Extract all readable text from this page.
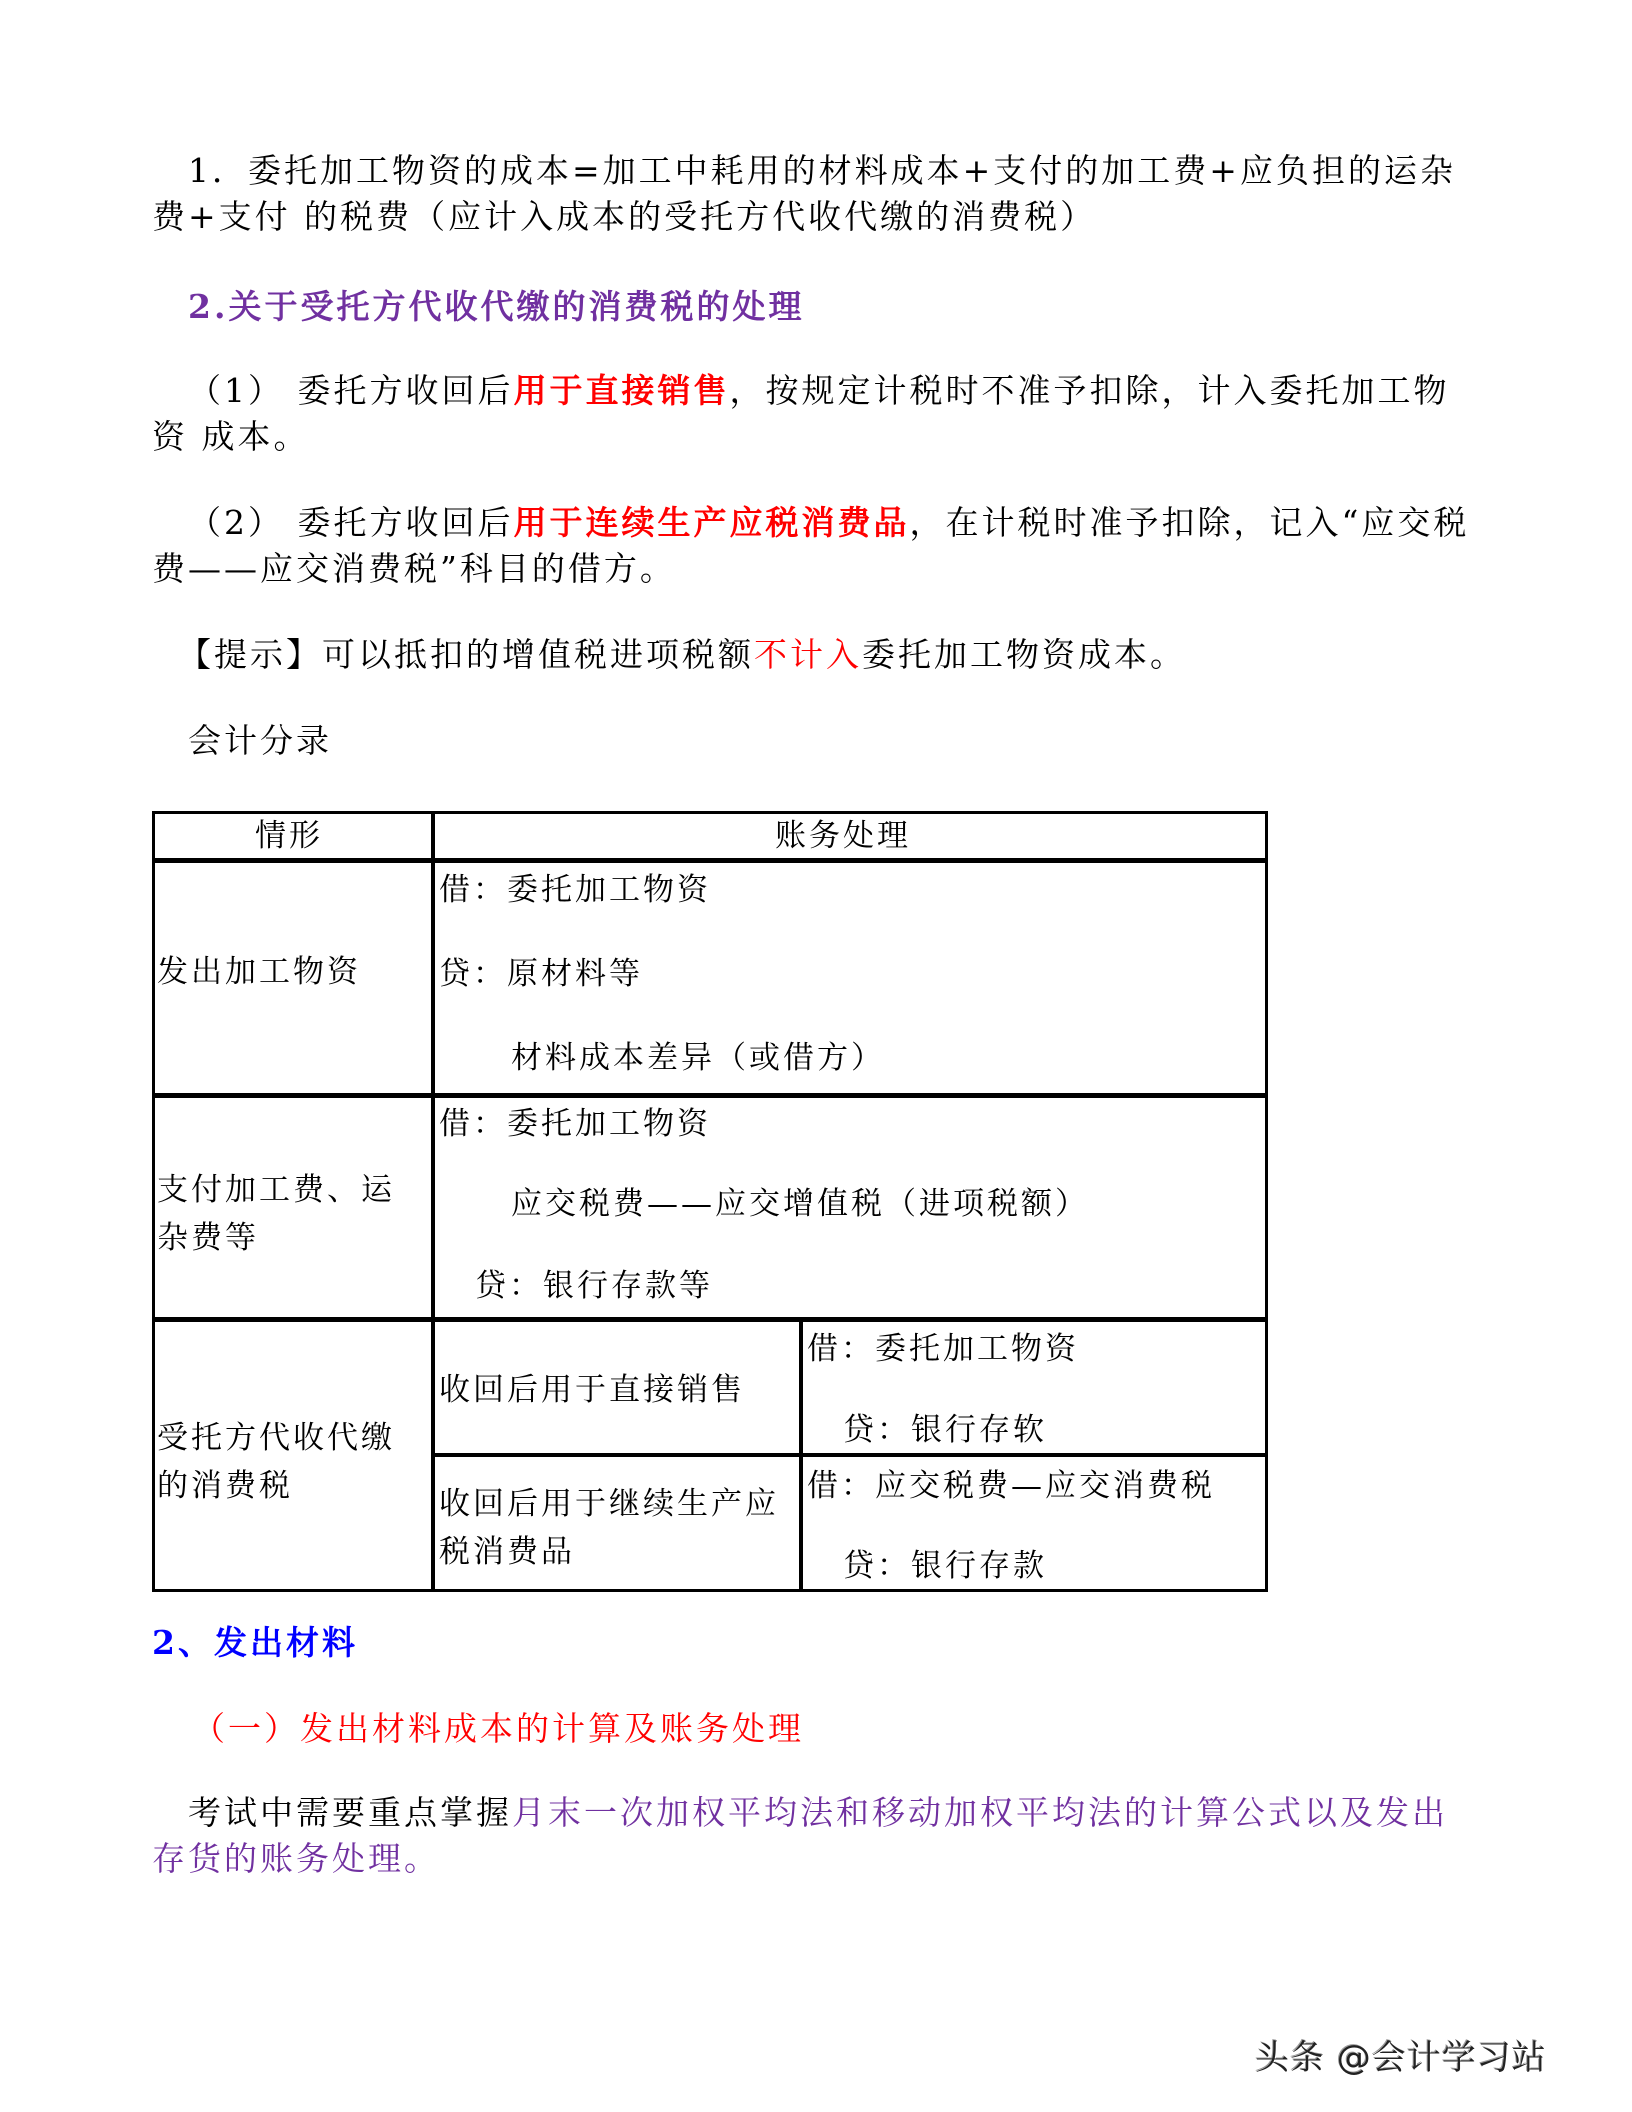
1．委托加工物资的成本=加工中耗用的材料成本+支付的加工费+应负担的运杂费+支付 的税费（应计入成本的受托方代收代缴的消费税）

2.关于受托方代收代缴的消费税的处理

（1） 委托方收回后用于直接销售，按规定计税时不准予扣除，计入委托加工物资 成本。

（2） 委托方收回后用于连续生产应税消费品，在计税时准予扣除，记入“应交税费——应交消费税”科目的借方。

【提示】可以抵扣的增值税进项税额不计入委托加工物资成本。

会计分录

情形	账务处理
发出加工物资
借：委托加工物资
贷：原材料等
材料成本差异（或借方）
支付加工费、运杂费等
借：委托加工物资
应交税费——应交增值税（进项税额）
贷：银行存款等
受托方代收代缴的消费税
收回后用于直接销售
借：委托加工物资
贷：银行存软
收回后用于继续生产应税消费品
借：应交税费—应交消费税
贷：银行存款

2、发出材料

（一）发出材料成本的计算及账务处理

考试中需要重点掌握月末一次加权平均法和移动加权平均法的计算公式以及发出存货的账务处理。

头条 @会计学习站
